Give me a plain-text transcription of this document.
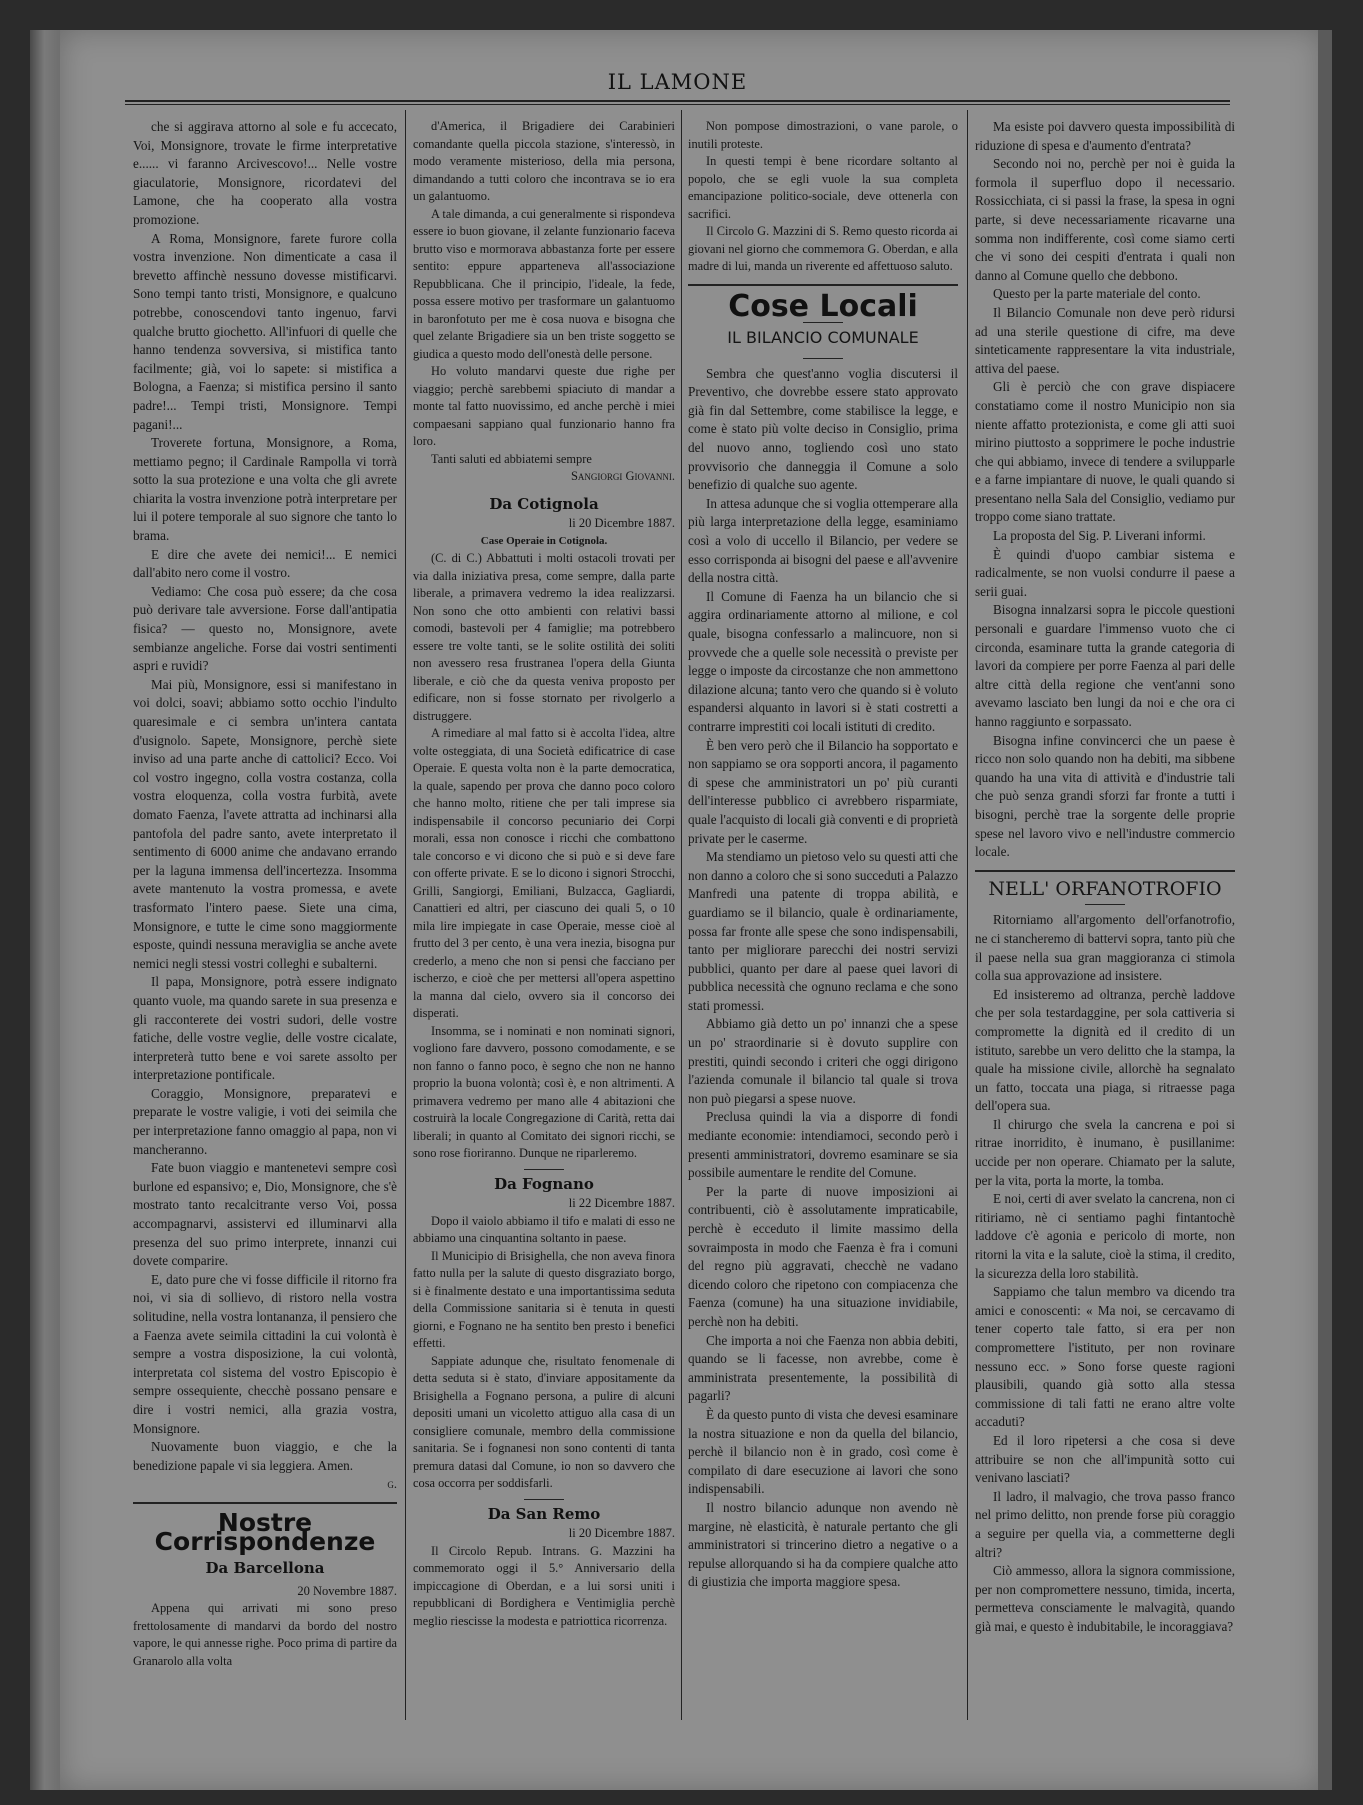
IL LAMONE

che si aggirava attorno al sole e fu accecato, Voi, Monsignore, trovate le firme interpretative e...... vi faranno Arcivescovo!... Nelle vostre giaculatorie, Monsignore, ricordatevi del Lamone, che ha cooperato alla vostra promozione.

A Roma, Monsignore, farete furore colla vostra invenzione. Non dimenticate a casa il brevetto affinchè nessuno dovesse mistificarvi. Sono tempi tanto tristi, Monsignore, e qualcuno potrebbe, conoscendovi tanto ingenuo, farvi qualche brutto giochetto. All'infuori di quelle che hanno tendenza sovversiva, si mistifica tanto facilmente; già, voi lo sapete: si mistifica a Bologna, a Faenza; si mistifica persino il santo padre!... Tempi tristi, Monsignore. Tempi pagani!...

Troverete fortuna, Monsignore, a Roma, mettiamo pegno; il Cardinale Rampolla vi torrà sotto la sua protezione e una volta che gli avrete chiarita la vostra invenzione potrà interpretare per lui il potere temporale al suo signore che tanto lo brama.

E dire che avete dei nemici!... E nemici dall'abito nero come il vostro.

Vediamo: Che cosa può essere; da che cosa può derivare tale avversione. Forse dall'antipatia fisica? — questo no, Monsignore, avete sembianze angeliche. Forse dai vostri sentimenti aspri e ruvidi?

Mai più, Monsignore, essi si manifestano in voi dolci, soavi; abbiamo sotto occhio l'indulto quaresimale e ci sembra un'intera cantata d'usignolo. Sapete, Monsignore, perchè siete inviso ad una parte anche di cattolici? Ecco. Voi col vostro ingegno, colla vostra costanza, colla vostra eloquenza, colla vostra furbità, avete domato Faenza, l'avete attratta ad inchinarsi alla pantofola del padre santo, avete interpretato il sentimento di 6000 anime che andavano errando per la laguna immensa dell'incertezza. Insomma avete mantenuto la vostra promessa, e avete trasformato l'intero paese. Siete una cima, Monsignore, e tutte le cime sono maggiormente esposte, quindi nessuna meraviglia se anche avete nemici negli stessi vostri colleghi e subalterni.

Il papa, Monsignore, potrà essere indignato quanto vuole, ma quando sarete in sua presenza e gli racconterete dei vostri sudori, delle vostre fatiche, delle vostre veglie, delle vostre cicalate, interpreterà tutto bene e voi sarete assolto per interpretazione pontificale.

Coraggio, Monsignore, preparatevi e preparate le vostre valigie, i voti dei seimila che per interpretazione fanno omaggio al papa, non vi mancheranno.

Fate buon viaggio e mantenetevi sempre così burlone ed espansivo; e, Dio, Monsignore, che s'è mostrato tanto recalcitrante verso Voi, possa accompagnarvi, assistervi ed illuminarvi alla presenza del suo primo interprete, innanzi cui dovete comparire.

E, dato pure che vi fosse difficile il ritorno fra noi, vi sia di sollievo, di ristoro nella vostra solitudine, nella vostra lontananza, il pensiero che a Faenza avete seimila cittadini la cui volontà è sempre a vostra disposizione, la cui volontà, interpretata col sistema del vostro Episcopio è sempre ossequiente, checchè possano pensare e dire i vostri nemici, alla grazia vostra, Monsignore.

Nuovamente buon viaggio, e che la benedizione papale vi sia leggiera. Amen.

g.
Nostre Corrispondenze
Da Barcellona
20 Novembre 1887.

Appena qui arrivati mi sono preso frettolosamente di mandarvi da bordo del nostro vapore, le qui annesse righe. Poco prima di partire da Granarolo alla volta

d'America, il Brigadiere dei Carabinieri comandante quella piccola stazione, s'interessò, in modo veramente misterioso, della mia persona, dimandando a tutti coloro che incontrava se io era un galantuomo.

A tale dimanda, a cui generalmente si rispondeva essere io buon giovane, il zelante funzionario faceva brutto viso e mormorava abbastanza forte per essere sentito: eppure apparteneva all'associazione Repubblicana. Che il principio, l'ideale, la fede, possa essere motivo per trasformare un galantuomo in baronfotuto per me è cosa nuova e bisogna che quel zelante Brigadiere sia un ben triste soggetto se giudica a questo modo dell'onestà delle persone.

Ho voluto mandarvi queste due righe per viaggio; perchè sarebbemi spiaciuto di mandar a monte tal fatto nuovissimo, ed anche perchè i miei compaesani sappiano qual funzionario hanno fra loro.

Tanti saluti ed abbiatemi sempre

Sangiorgi Giovanni.
Da Cotignola
li 20 Dicembre 1887.
Case Operaie in Cotignola.

(C. di C.) Abbattuti i molti ostacoli trovati per via dalla iniziativa presa, come sempre, dalla parte liberale, a primavera vedremo la idea realizzarsi. Non sono che otto ambienti con relativi bassi comodi, bastevoli per 4 famiglie; ma potrebbero essere tre volte tanti, se le solite ostilità dei soliti non avessero resa frustranea l'opera della Giunta liberale, e ciò che da questa veniva proposto per edificare, non si fosse stornato per rivolgerlo a distruggere.

A rimediare al mal fatto si è accolta l'idea, altre volte osteggiata, di una Società edificatrice di case Operaie. E questa volta non è la parte democratica, la quale, sapendo per prova che danno poco coloro che hanno molto, ritiene che per tali imprese sia indispensabile il concorso pecuniario dei Corpi morali, essa non conosce i ricchi che combattono tale concorso e vi dicono che si può e si deve fare con offerte private. E se lo dicono i signori Strocchi, Grilli, Sangiorgi, Emiliani, Bulzacca, Gagliardi, Canattieri ed altri, per ciascuno dei quali 5, o 10 mila lire impiegate in case Operaie, messe cioè al frutto del 3 per cento, è una vera inezia, bisogna pur crederlo, a meno che non si pensi che facciano per ischerzo, e cioè che per mettersi all'opera aspettino la manna dal cielo, ovvero sia il concorso dei disperati.

Insomma, se i nominati e non nominati signori, vogliono fare davvero, possono comodamente, e se non fanno o fanno poco, è segno che non ne hanno proprio la buona volontà; così è, e non altrimenti. A primavera vedremo per mano alle 4 abitazioni che costruirà la locale Congregazione di Carità, retta dai liberali; in quanto al Comitato dei signori ricchi, se sono rose fioriranno. Dunque ne riparleremo.

Da Fognano
li 22 Dicembre 1887.

Dopo il vaiolo abbiamo il tifo e malati di esso ne abbiamo una cinquantina soltanto in paese.

Il Municipio di Brisighella, che non aveva finora fatto nulla per la salute di questo disgraziato borgo, si è finalmente destato e una importantissima seduta della Commissione sanitaria si è tenuta in questi giorni, e Fognano ne ha sentito ben presto i benefici effetti.

Sappiate adunque che, risultato fenomenale di detta seduta si è stato, d'inviare appositamente da Brisighella a Fognano persona, a pulire di alcuni depositi umani un vicoletto attiguo alla casa di un consigliere comunale, membro della commissione sanitaria. Se i fognanesi non sono contenti di tanta premura datasi dal Comune, io non so davvero che cosa occorra per soddisfarli.

Da San Remo
li 20 Dicembre 1887.

Il Circolo Repub. Intrans. G. Mazzini ha commemorato oggi il 5.° Anniversario della impiccagione di Oberdan, e a lui sorsi uniti i repubblicani di Bordighera e Ventimiglia perchè meglio riescisse la modesta e patriottica ricorrenza.

Non pompose dimostrazioni, o vane parole, o inutili proteste.

In questi tempi è bene ricordare soltanto al popolo, che se egli vuole la sua completa emancipazione politico-sociale, deve ottenerla con sacrifici.

Il Circolo G. Mazzini di S. Remo questo ricorda ai giovani nel giorno che commemora G. Oberdan, e alla madre di lui, manda un riverente ed affettuoso saluto.

Cose Locali
IL BILANCIO COMUNALE

Sembra che quest'anno voglia discutersi il Preventivo, che dovrebbe essere stato approvato già fin dal Settembre, come stabilisce la legge, e come è stato più volte deciso in Consiglio, prima del nuovo anno, togliendo così uno stato provvisorio che danneggia il Comune a solo benefizio di qualche suo agente.

In attesa adunque che si voglia ottemperare alla più larga interpretazione della legge, esaminiamo così a volo di uccello il Bilancio, per vedere se esso corrisponda ai bisogni del paese e all'avvenire della nostra città.

Il Comune di Faenza ha un bilancio che si aggira ordinariamente attorno al milione, e col quale, bisogna confessarlo a malincuore, non si provvede che a quelle sole necessità o previste per legge o imposte da circostanze che non ammettono dilazione alcuna; tanto vero che quando si è voluto espandersi alquanto in lavori si è stati costretti a contrarre imprestiti coi locali istituti di credito.

È ben vero però che il Bilancio ha sopportato e non sappiamo se ora sopporti ancora, il pagamento di spese che amministratori un po' più curanti dell'interesse pubblico ci avrebbero risparmiate, quale l'acquisto di locali già conventi e di proprietà private per le caserme.

Ma stendiamo un pietoso velo su questi atti che non danno a coloro che si sono succeduti a Palazzo Manfredi una patente di troppa abilità, e guardiamo se il bilancio, quale è ordinariamente, possa far fronte alle spese che sono indispensabili, tanto per migliorare parecchi dei nostri servizi pubblici, quanto per dare al paese quei lavori di pubblica necessità che ognuno reclama e che sono stati promessi.

Abbiamo già detto un po' innanzi che a spese un po' straordinarie si è dovuto supplire con prestiti, quindi secondo i criteri che oggi dirigono l'azienda comunale il bilancio tal quale si trova non può piegarsi a spese nuove.

Preclusa quindi la via a disporre di fondi mediante economie: intendiamoci, secondo però i presenti amministratori, dovremo esaminare se sia possibile aumentare le rendite del Comune.

Per la parte di nuove imposizioni ai contribuenti, ciò è assolutamente impraticabile, perchè è ecceduto il limite massimo della sovraimposta in modo che Faenza è fra i comuni del regno più aggravati, checchè ne vadano dicendo coloro che ripetono con compiacenza che Faenza (comune) ha una situazione invidiabile, perchè non ha debiti.

Che importa a noi che Faenza non abbia debiti, quando se li facesse, non avrebbe, come è amministrata presentemente, la possibilità di pagarli?

È da questo punto di vista che devesi esaminare la nostra situazione e non da quella del bilancio, perchè il bilancio non è in grado, così come è compilato di dare esecuzione ai lavori che sono indispensabili.

Il nostro bilancio adunque non avendo nè margine, nè elasticità, è naturale pertanto che gli amministratori si trincerino dietro a negative o a repulse allorquando si ha da compiere qualche atto di giustizia che importa maggiore spesa.

Ma esiste poi davvero questa impossibilità di riduzione di spesa e d'aumento d'entrata?

Secondo noi no, perchè per noi è guida la formola il superfluo dopo il necessario. Rossicchiata, ci si passi la frase, la spesa in ogni parte, si deve necessariamente ricavarne una somma non indifferente, così come siamo certi che vi sono dei cespiti d'entrata i quali non danno al Comune quello che debbono.

Questo per la parte materiale del conto.

Il Bilancio Comunale non deve però ridursi ad una sterile questione di cifre, ma deve sinteticamente rappresentare la vita industriale, attiva del paese.

Gli è perciò che con grave dispiacere constatiamo come il nostro Municipio non sia niente affatto protezionista, e come gli atti suoi mirino piuttosto a sopprimere le poche industrie che qui abbiamo, invece di tendere a svilupparle e a farne impiantare di nuove, le quali quando si presentano nella Sala del Consiglio, vediamo pur troppo come siano trattate.

La proposta del Sig. P. Liverani informi.

È quindi d'uopo cambiar sistema e radicalmente, se non vuolsi condurre il paese a serii guai.

Bisogna innalzarsi sopra le piccole questioni personali e guardare l'immenso vuoto che ci circonda, esaminare tutta la grande categoria di lavori da compiere per porre Faenza al pari delle altre città della regione che vent'anni sono avevamo lasciato ben lungi da noi e che ora ci hanno raggiunto e sorpassato.

Bisogna infine convincerci che un paese è ricco non solo quando non ha debiti, ma sibbene quando ha una vita di attività e d'industrie tali che può senza grandi sforzi far fronte a tutti i bisogni, perchè trae la sorgente delle proprie spese nel lavoro vivo e nell'industre commercio locale.

NELL' ORFANOTROFIO

Ritorniamo all'argomento dell'orfanotrofio, ne ci stancheremo di battervi sopra, tanto più che il paese nella sua gran maggioranza ci stimola colla sua approvazione ad insistere.

Ed insisteremo ad oltranza, perchè laddove che per sola testardaggine, per sola cattiveria si compromette la dignità ed il credito di un istituto, sarebbe un vero delitto che la stampa, la quale ha missione civile, allorchè ha segnalato un fatto, toccata una piaga, si ritraesse paga dell'opera sua.

Il chirurgo che svela la cancrena e poi si ritrae inorridito, è inumano, è pusillanime: uccide per non operare. Chiamato per la salute, per la vita, porta la morte, la tomba.

E noi, certi di aver svelato la cancrena, non ci ritiriamo, nè ci sentiamo paghi fintantochè laddove c'è agonia e pericolo di morte, non ritorni la vita e la salute, cioè la stima, il credito, la sicurezza della loro stabilità.

Sappiamo che talun membro va dicendo tra amici e conoscenti: « Ma noi, se cercavamo di tener coperto tale fatto, si era per non compromettere l'istituto, per non rovinare nessuno ecc. » Sono forse queste ragioni plausibili, quando già sotto alla stessa commissione di tali fatti ne erano altre volte accaduti?

Ed il loro ripetersi a che cosa si deve attribuire se non che all'impunità sotto cui venivano lasciati?

Il ladro, il malvagio, che trova passo franco nel primo delitto, non prende forse più coraggio a seguire per quella via, a commetterne degli altri?

Ciò ammesso, allora la signora commissione, per non compromettere nessuno, timida, incerta, permetteva consciamente le malvagità, quando già mai, e questo è indubitabile, le incoraggiava?
